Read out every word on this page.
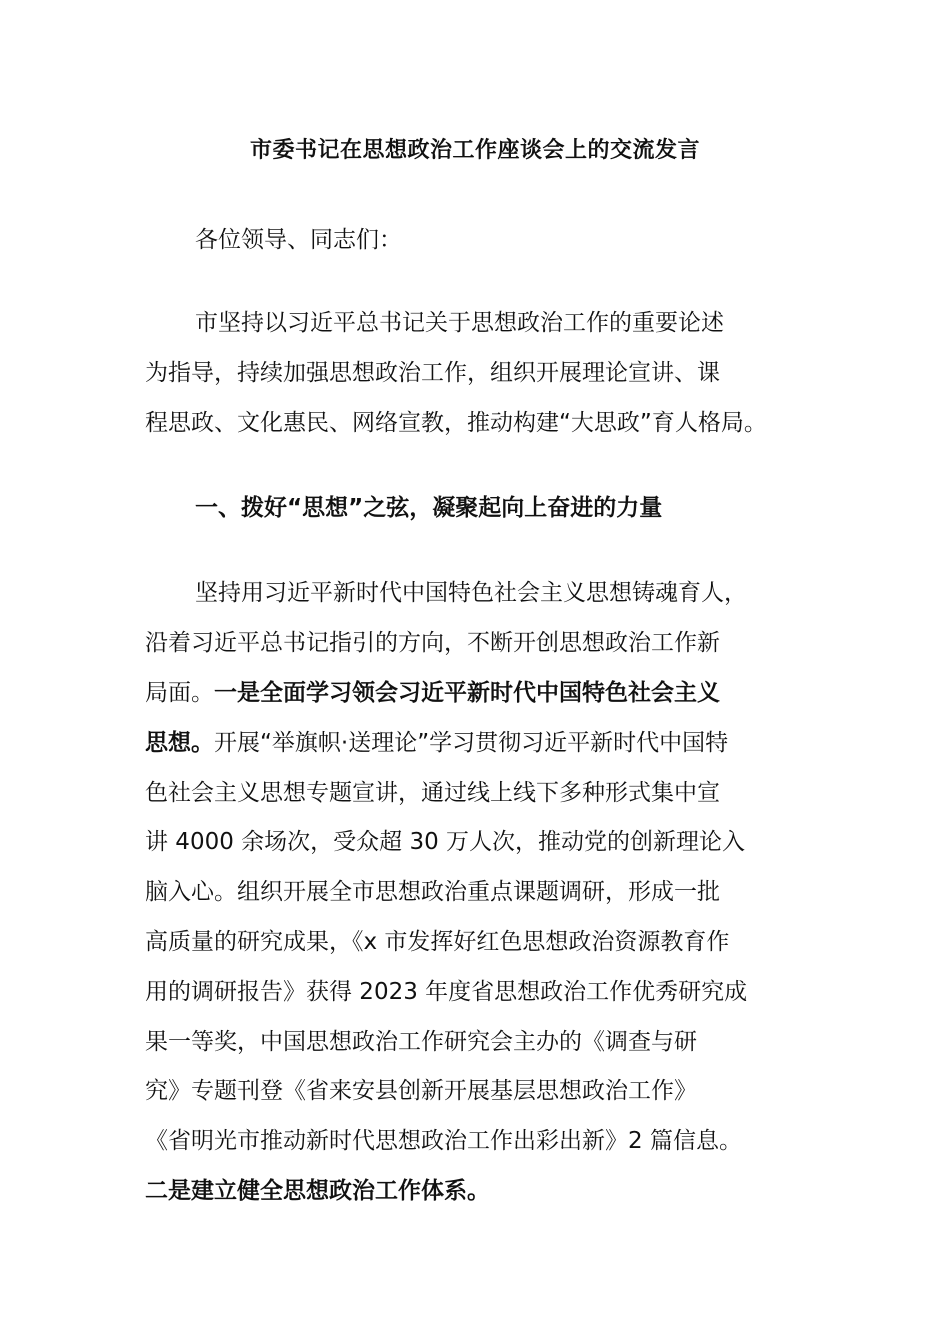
市委书记在思想政治工作座谈会上的交流发言
各位领导、同志们：
市坚持以习近平总书记关于思想政治工作的重要论述
为指导，持续加强思想政治工作，组织开展理论宣讲、课
程思政、文化惠民、网络宣教，推动构建“大思政”育人格局。
一、拨好“思想”之弦，凝聚起向上奋进的力量
坚持用习近平新时代中国特色社会主义思想铸魂育人，
沿着习近平总书记指引的方向，不断开创思想政治工作新
局面。一是全面学习领会习近平新时代中国特色社会主义
思想。开展“举旗帜·送理论”学习贯彻习近平新时代中国特
色社会主义思想专题宣讲，通过线上线下多种形式集中宣
讲 4000 余场次，受众超 30 万人次，推动党的创新理论入
脑入心。组织开展全市思想政治重点课题调研，形成一批
高质量的研究成果，《x 市发挥好红色思想政治资源教育作
用的调研报告》获得 2023 年度省思想政治工作优秀研究成
果一等奖，中国思想政治工作研究会主办的《调查与研
究》专题刊登《省来安县创新开展基层思想政治工作》
《省明光市推动新时代思想政治工作出彩出新》2 篇信息。
二是建立健全思想政治工作体系。
